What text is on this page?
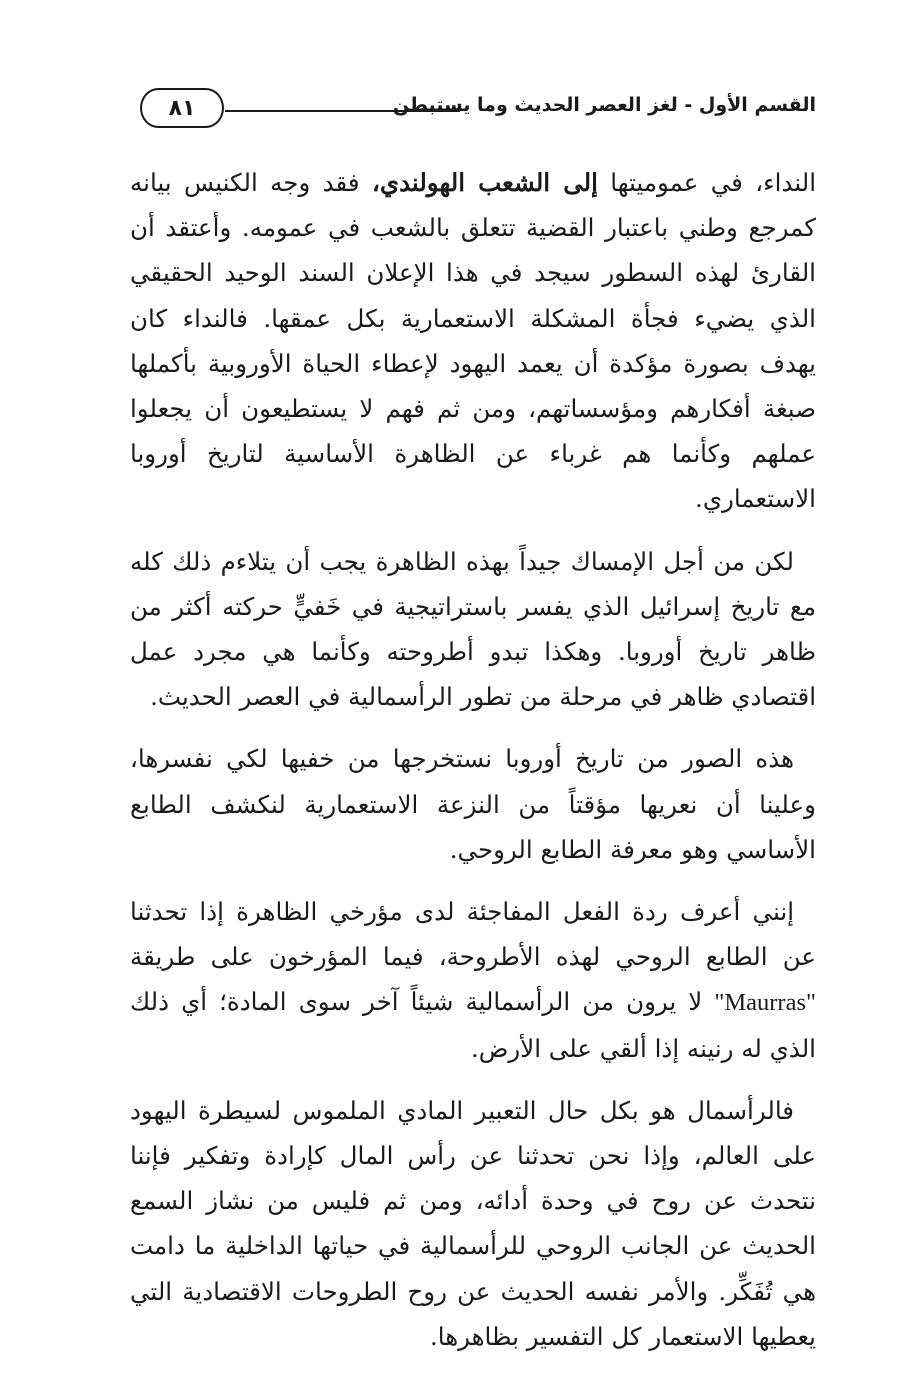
القسم الأول - لغز العصر الحديث وما يستبطن
٨١

النداء، في عموميتها إلى الشعب الهولندي، فقد وجه الكنيس بيانه كمرجع وطني باعتبار القضية تتعلق بالشعب في عمومه. وأعتقد أن القارئ لهذه السطور سيجد في هذا الإعلان السند الوحيد الحقيقي الذي يضيء فجأة المشكلة الاستعمارية بكل عمقها. فالنداء كان يهدف بصورة مؤكدة أن يعمد اليهود لإعطاء الحياة الأوروبية بأكملها صبغة أفكارهم ومؤسساتهم، ومن ثم فهم لا يستطيعون أن يجعلوا عملهم وكأنما هم غرباء عن الظاهرة الأساسية لتاريخ أوروبا الاستعماري.

لكن من أجل الإمساك جيداً بهذه الظاهرة يجب أن يتلاءم ذلك كله مع تاريخ إسرائيل الذي يفسر باستراتيجية في خَفيٍّ حركته أكثر من ظاهر تاريخ أوروبا. وهكذا تبدو أطروحته وكأنما هي مجرد عمل اقتصادي ظاهر في مرحلة من تطور الرأسمالية في العصر الحديث.

هذه الصور من تاريخ أوروبا نستخرجها من خفيها لكي نفسرها، وعلينا أن نعريها مؤقتاً من النزعة الاستعمارية لنكشف الطابع الأساسي وهو معرفة الطابع الروحي.

إنني أعرف ردة الفعل المفاجئة لدى مؤرخي الظاهرة إذا تحدثنا عن الطابع الروحي لهذه الأطروحة، فيما المؤرخون على طريقة "Maurras" لا يرون من الرأسمالية شيئاً آخر سوى المادة؛ أي ذلك الذي له رنينه إذا ألقي على الأرض.

فالرأسمال هو بكل حال التعبير المادي الملموس لسيطرة اليهود على العالم، وإذا نحن تحدثنا عن رأس المال كإرادة وتفكير فإننا نتحدث عن روح في وحدة أدائه، ومن ثم فليس من نشاز السمع الحديث عن الجانب الروحي للرأسمالية في حياتها الداخلية ما دامت هي تُفَكِّر. والأمر نفسه الحديث عن روح الطروحات الاقتصادية التي يعطيها الاستعمار كل التفسير بظاهرها.
